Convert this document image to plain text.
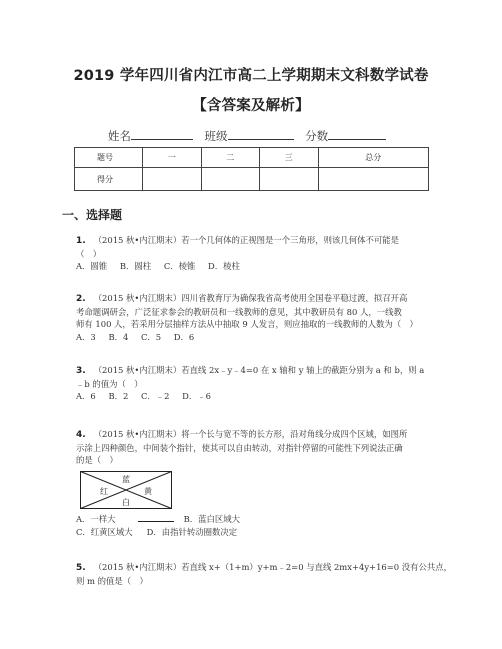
2019 学年四川省内江市高二上学期期末文科数学试卷
【含答案及解析】
姓名	班级	分数
题号	一	二	三	总分
得分				
一、选择题
1. （2015 秋•内江期末）若一个几何体的正视图是一个三角形，则该几何体不可能是
（　）
A．圆锥 B．圆柱 C．棱锥 D．棱柱
2. （2015 秋•内江期末）四川省教育厅为确保我省高考使用全国卷平稳过渡，拟召开高
考命题调研会，广泛征求参会的教研员和一线教师的意见，其中教研员有 80 人，一线教
师有 100 人，若采用分层抽样方法从中抽取 9 人发言，则应抽取的一线教师的人数为（　）
A．3 B．4 C．5 D．6
3. （2015 秋•内江期末）若直线 2x﹣y﹣4=0 在 x 轴和 y 轴上的截距分别为 a 和 b，则 a
﹣b 的值为（　）
A．6 B．2 C．﹣2 D．﹣6
4. （2015 秋•内江期末）将一个长与宽不等的长方形，沿对角线分成四个区域，如图所
示涂上四种颜色，中间装个指针，使其可以自由转动，对指针停留的可能性下列说法正确
的是（　）
蓝
红	黄
白
A．一样大	B．蓝白区域大
C．红黄区域大 D．由指针转动圈数决定
5. （2015 秋•内江期末）若直线 x+（1+m）y+m﹣2=0 与直线 2mx+4y+16=0 没有公共点，
则 m 的值是（　）
